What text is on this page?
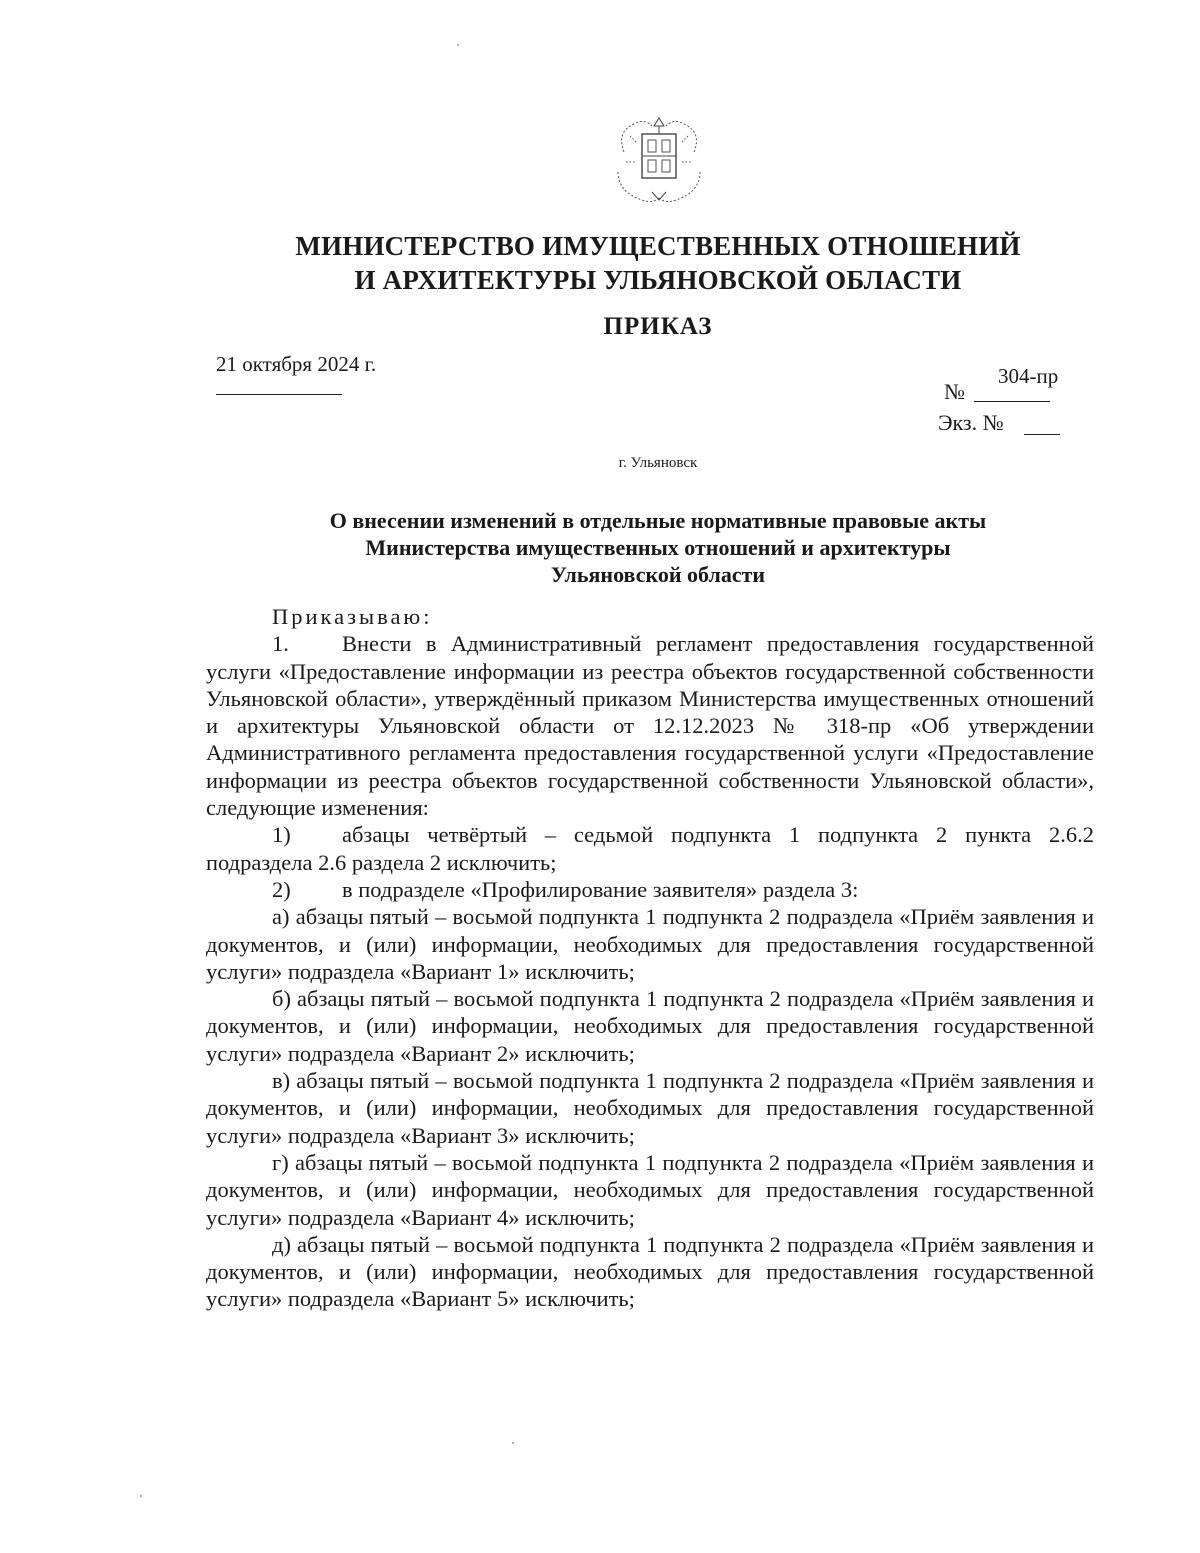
МИНИСТЕРСТВО ИМУЩЕСТВЕННЫХ ОТНОШЕНИЙ
И АРХИТЕКТУРЫ УЛЬЯНОВСКОЙ ОБЛАСТИ
ПРИКАЗ
21 октября 2024 г.
№
304-пр
Экз. №
г. Ульяновск
О внесении изменений в отдельные нормативные правовые акты
Министерства имущественных отношений и архитектуры
Ульяновской области

Приказываю:

1. Внести в Административный регламент предоставления государственной услуги «Предоставление информации из реестра объектов государственной собственности Ульяновской области», утверждённый приказом Министерства имущественных отношений и архитектуры Ульяновской области от 12.12.2023 № 318-пр «Об утверждении Административного регламента предоставления государственной услуги «Предоставление информации из реестра объектов государственной собственности Ульяновской области», следующие изменения:

1) абзацы четвёртый – седьмой подпункта 1 подпункта 2 пункта 2.6.2 подраздела 2.6 раздела 2 исключить;

2) в подразделе «Профилирование заявителя» раздела 3:

а) абзацы пятый – восьмой подпункта 1 подпункта 2 подраздела «Приём заявления и документов, и (или) информации, необходимых для предоставления государственной услуги» подраздела «Вариант 1» исключить;

б) абзацы пятый – восьмой подпункта 1 подпункта 2 подраздела «Приём заявления и документов, и (или) информации, необходимых для предоставления государственной услуги» подраздела «Вариант 2» исключить;

в) абзацы пятый – восьмой подпункта 1 подпункта 2 подраздела «Приём заявления и документов, и (или) информации, необходимых для предоставления государственной услуги» подраздела «Вариант 3» исключить;

г) абзацы пятый – восьмой подпункта 1 подпункта 2 подраздела «Приём заявления и документов, и (или) информации, необходимых для предоставления государственной услуги» подраздела «Вариант 4» исключить;

д) абзацы пятый – восьмой подпункта 1 подпункта 2 подраздела «Приём заявления и документов, и (или) информации, необходимых для предоставления государственной услуги» подраздела «Вариант 5» исключить;
